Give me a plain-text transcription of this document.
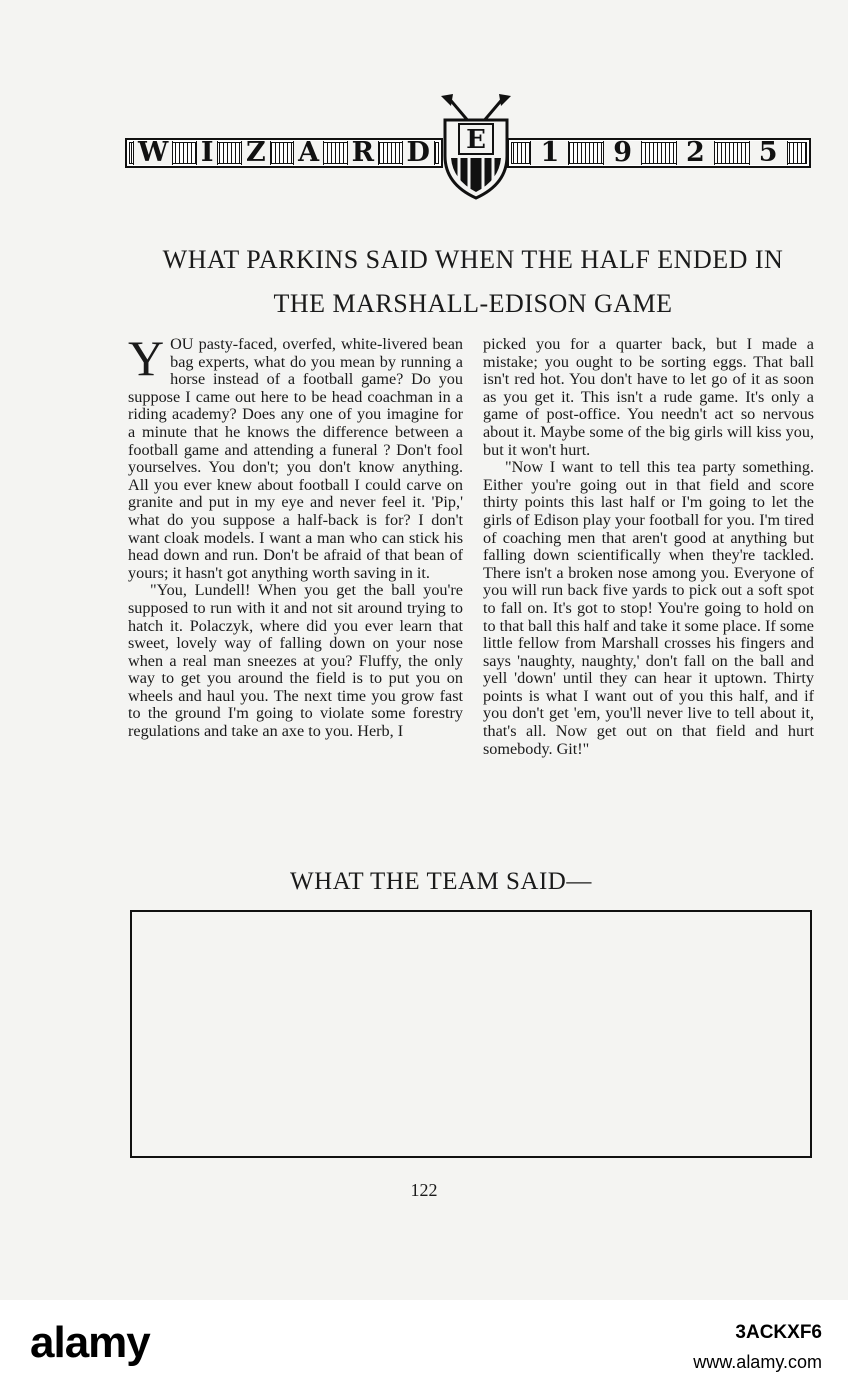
W I Z A R D E	1	9	2	5
WHAT PARKINS SAID WHEN THE HALF ENDED IN
THE MARSHALL-EDISON GAME

YOU pasty-faced, overfed, white-livered bean bag experts, what do you mean by running a horse instead of a football game? Do you suppose I came out here to be head coachman in a riding academy? Does any one of you imagine for a minute that he knows the difference between a football game and attending a funeral ? Don't fool yourselves. You don't; you don't know anything. All you ever knew about football I could carve on granite and put in my eye and never feel it. 'Pip,' what do you suppose a half-back is for? I don't want cloak models. I want a man who can stick his head down and run. Don't be afraid of that bean of yours; it hasn't got anything worth saving in it.

"You, Lundell! When you get the ball you're supposed to run with it and not sit around trying to hatch it. Polaczyk, where did you ever learn that sweet, lovely way of falling down on your nose when a real man sneezes at you? Fluffy, the only way to get you around the field is to put you on wheels and haul you. The next time you grow fast to the ground I'm going to violate some forestry regulations and take an axe to you. Herb, I

picked you for a quarter back, but I made a mistake; you ought to be sorting eggs. That ball isn't red hot. You don't have to let go of it as soon as you get it. This isn't a rude game. It's only a game of post-office. You needn't act so nervous about it. Maybe some of the big girls will kiss you, but it won't hurt.

"Now I want to tell this tea party something. Either you're going out in that field and score thirty points this last half or I'm going to let the girls of Edison play your football for you. I'm tired of coaching men that aren't good at anything but falling down scientifically when they're tackled. There isn't a broken nose among you. Everyone of you will run back five yards to pick out a soft spot to fall on. It's got to stop! You're going to hold on to that ball this half and take it some place. If some little fellow from Marshall crosses his fingers and says 'naughty, naughty,' don't fall on the ball and yell 'down' until they can hear it uptown. Thirty points is what I want out of you this half, and if you don't get 'em, you'll never live to tell about it, that's all. Now get out on that field and hurt somebody. Git!"

WHAT THE TEAM SAID—
122
alamy	3ACKXF6
www.alamy.com
